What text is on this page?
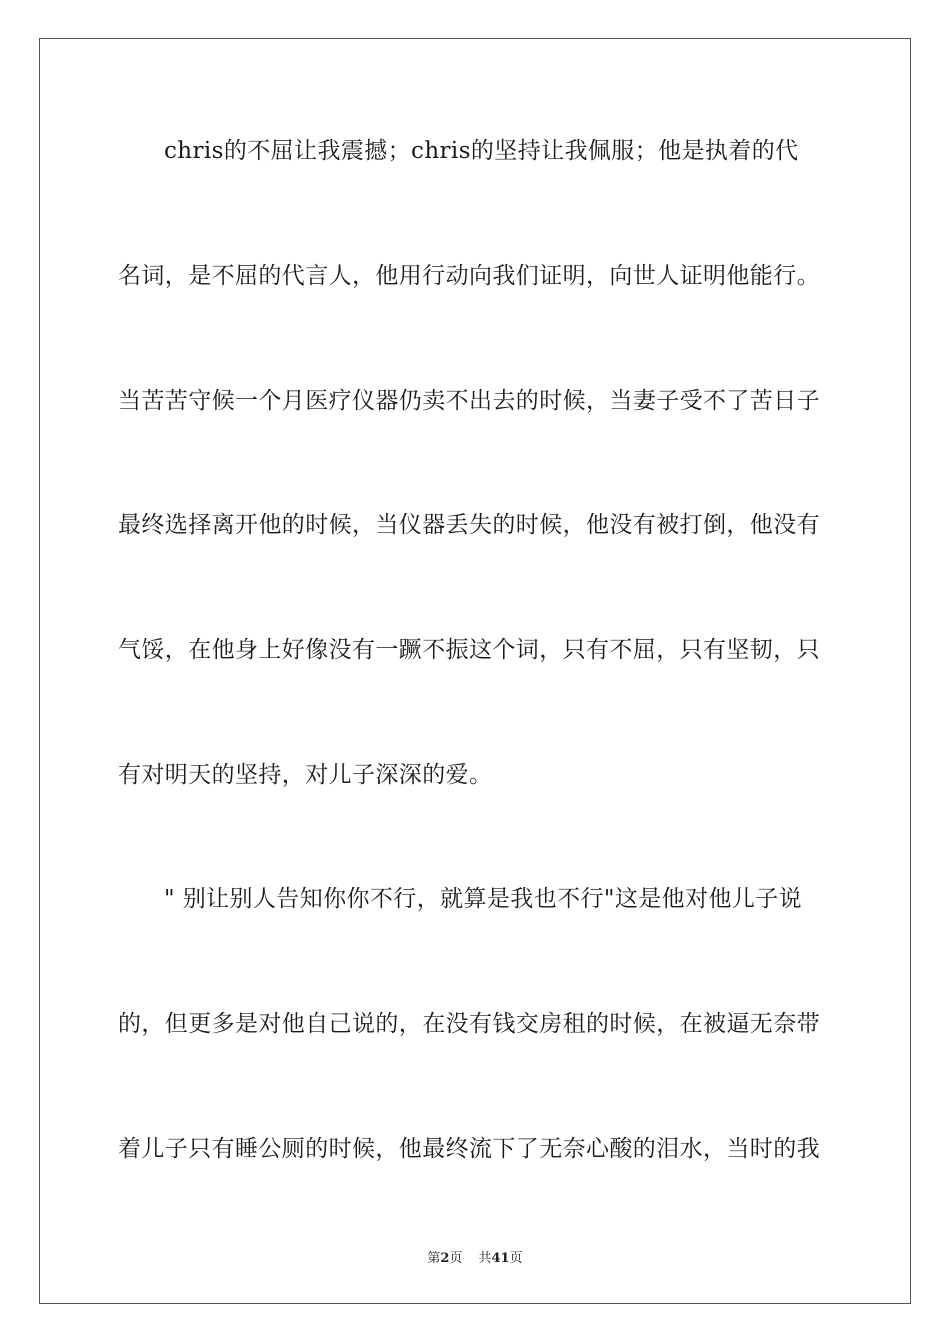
chris的不屈让我震撼；chris的坚持让我佩服；他是执着的代
名词，是不屈的代言人，他用行动向我们证明，向世人证明他能行。
当苦苦守候一个月医疗仪器仍卖不出去的时候，当妻子受不了苦日子
最终选择离开他的时候，当仪器丢失的时候，他没有被打倒，他没有
气馁，在他身上好像没有一蹶不振这个词，只有不屈，只有坚韧，只
有对明天的坚持，对儿子深深的爱。
" 别让别人告知你你不行，就算是我也不行"这是他对他儿子说
的，但更多是对他自己说的，在没有钱交房租的时候，在被逼无奈带
着儿子只有睡公厕的时候，他最终流下了无奈心酸的泪水，当时的我
第2页 共41页
